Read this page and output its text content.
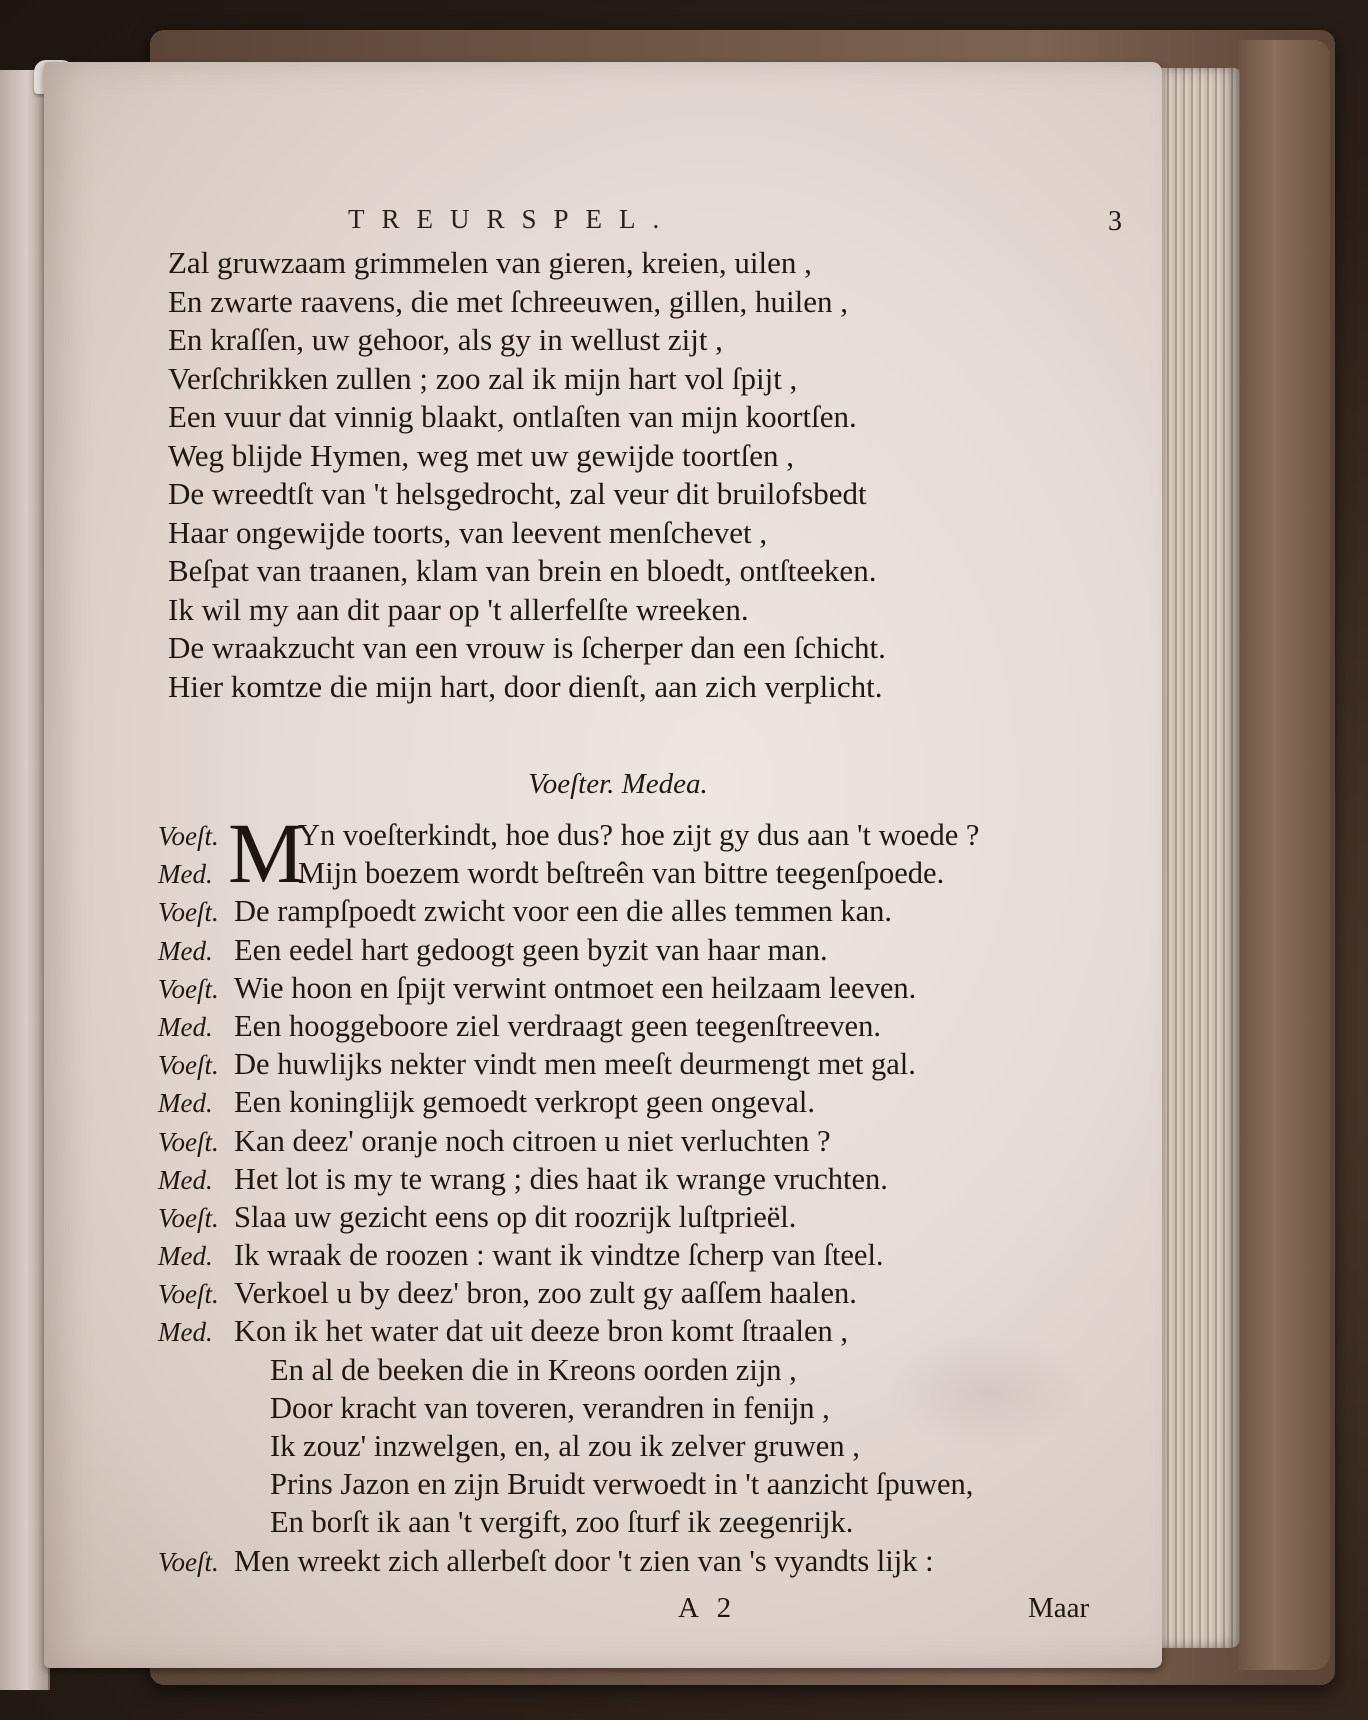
TREURSPEL.	3
Zal gruwzaam grimmelen van gieren, kreien, uilen ,
En zwarte raavens, die met ſchreeuwen, gillen, huilen ,
En kraſſen, uw gehoor, als gy in wellust zijt ,
Verſchrikken zullen ; zoo zal ik mijn hart vol ſpijt ,
Een vuur dat vinnig blaakt, ontlaſten van mijn koortſen.
Weg blijde Hymen, weg met uw gewijde toortſen ,
De wreedtſt van 't helsgedrocht, zal veur dit bruilofsbedt
Haar ongewijde toorts, van leevent menſchevet ,
Beſpat van traanen, klam van brein en bloedt, ontſteeken.
Ik wil my aan dit paar op 't allerfelſte wreeken.
De wraakzucht van een vrouw is ſcherper dan een ſchicht.
Hier komtze die mijn hart, door dienſt, aan zich verplicht.
Voeſter. Medea.
M
Voeſt.	Yn voeſterkindt, hoe dus? hoe zijt gy dus aan 't woede ?
Med.	Mijn boezem wordt beſtreên van bittre teegenſpoede.
Voeſt. De rampſpoedt zwicht voor een die alles temmen kan.
Med. Een eedel hart gedoogt geen byzit van haar man.
Voeſt. Wie hoon en ſpijt verwint ontmoet een heilzaam leeven.
Med. Een hooggeboore ziel verdraagt geen teegenſtreeven.
Voeſt. De huwlijks nekter vindt men meeſt deurmengt met gal.
Med. Een koninglijk gemoedt verkropt geen ongeval.
Voeſt. Kan deez' oranje noch citroen u niet verluchten ?
Med. Het lot is my te wrang ; dies haat ik wrange vruchten.
Voeſt. Slaa uw gezicht eens op dit roozrijk luſtprieël.
Med. Ik wraak de roozen : want ik vindtze ſcherp van ſteel.
Voeſt. Verkoel u by deez' bron, zoo zult gy aaſſem haalen.
Med. Kon ik het water dat uit deeze bron komt ſtraalen ,
En al de beeken die in Kreons oorden zijn ,
Door kracht van toveren, verandren in fenijn ,
Ik zouz' inzwelgen, en, al zou ik zelver gruwen ,
Prins Jazon en zijn Bruidt verwoedt in 't aanzicht ſpuwen,
En borſt ik aan 't vergift, zoo ſturf ik zeegenrijk.
Voeſt. Men wreekt zich allerbeſt door 't zien van 's vyandts lijk :
A 2	Maar
